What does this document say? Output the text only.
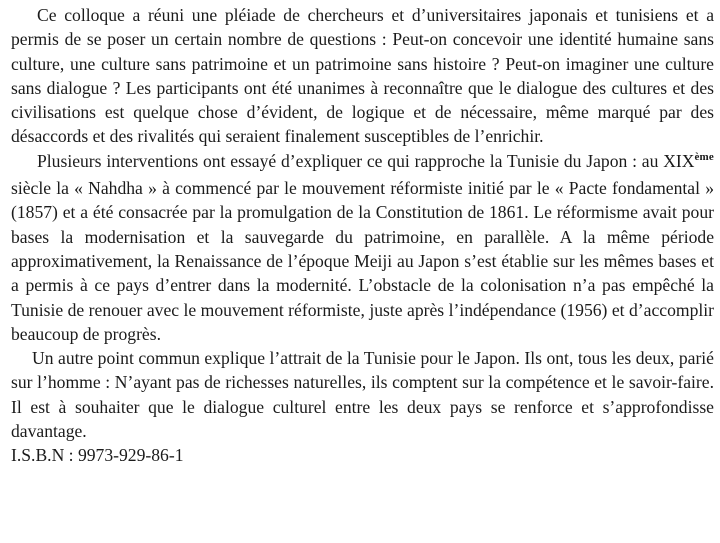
Ce colloque a réuni une pléiade de chercheurs et d’universitaires japonais et tunisiens et a permis de se poser un certain nombre de questions : Peut-on concevoir une identité humaine sans culture, une culture sans patrimoine et un patrimoine sans histoire ? Peut-on imaginer une culture sans dialogue ? Les participants ont été unanimes à reconnaître que le dialogue des cultures et des civilisations est quelque chose d’évident, de logique et de nécessaire, même marqué par des désaccords et des rivalités qui seraient finalement susceptibles de l’enrichir.

Plusieurs interventions ont essayé d’expliquer ce qui rapproche la Tunisie du Japon : au XIXème siècle la « Nahdha » à commencé par le mouvement réformiste initié par le « Pacte fondamental » (1857) et a été consacrée par la promulgation de la Constitution de 1861. Le réformisme avait pour bases la modernisation et la sauvegarde du patrimoine, en parallèle. A la même période approximativement, la Renaissance de l’époque Meiji au Japon s’est établie sur les mêmes bases et a permis à ce pays d’entrer dans la modernité. L’obstacle de la colonisation n’a pas empêché la Tunisie de renouer avec le mouvement réformiste, juste après l’indépendance (1956) et d’accomplir beaucoup de progrès.

Un autre point commun explique l’attrait de la Tunisie pour le Japon. Ils ont, tous les deux, parié sur l’homme : N’ayant pas de richesses naturelles, ils comptent sur la compétence et le savoir-faire. Il est à souhaiter que le dialogue culturel entre les deux pays se renforce et s’approfondisse davantage.

I.S.B.N : 9973-929-86-1
